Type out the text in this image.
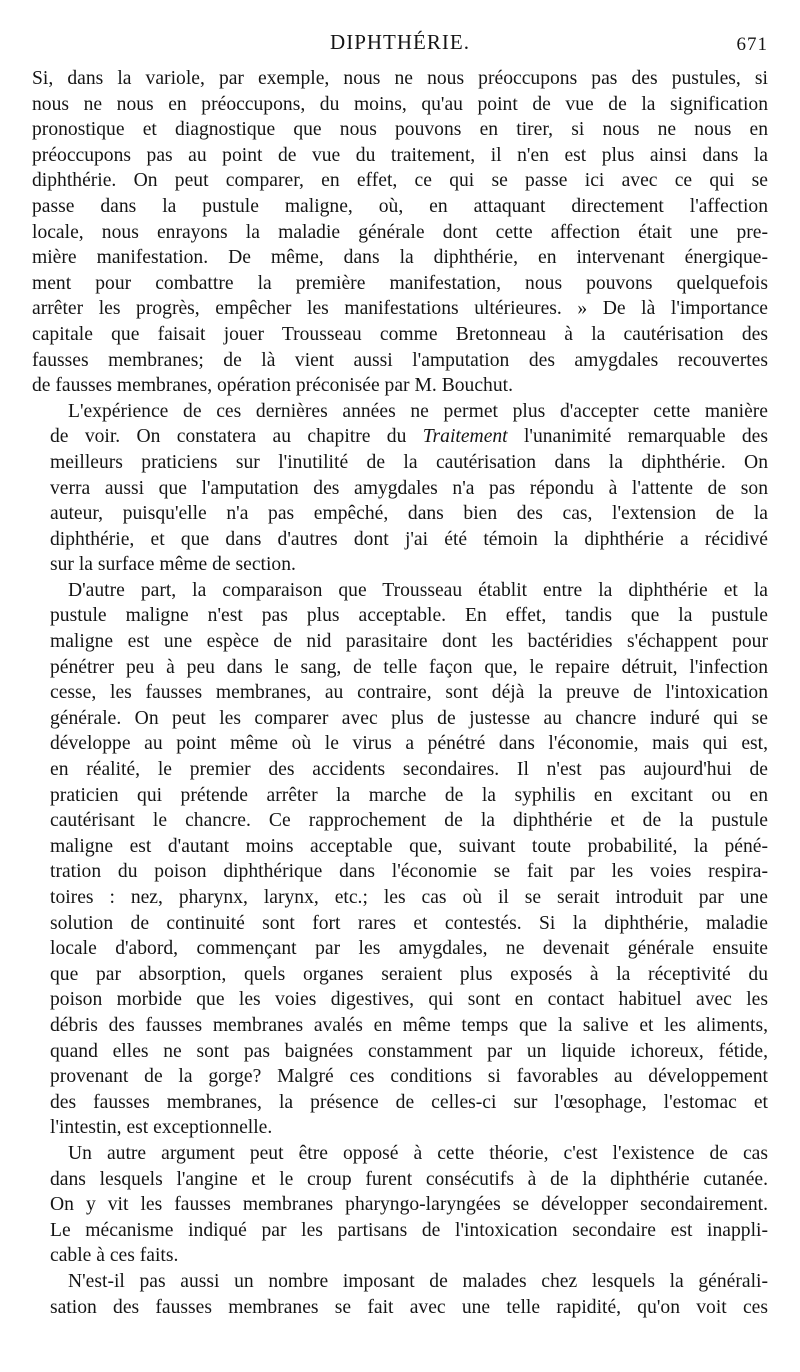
DIPHTHÉRIE.	671

Si, dans la variole, par exemple, nous ne nous préoccupons pas des pustules, si
nous ne nous en préoccupons, du moins, qu'au point de vue de la signification
pronostique et diagnostique que nous pouvons en tirer, si nous ne nous en
préoccupons pas au point de vue du traitement, il n'en est plus ainsi dans la
diphthérie. On peut comparer, en effet, ce qui se passe ici avec ce qui se
passe dans la pustule maligne, où, en attaquant directement l'affection
locale, nous enrayons la maladie générale dont cette affection était une pre-
mière manifestation. De même, dans la diphthérie, en intervenant énergique-
ment pour combattre la première manifestation, nous pouvons quelquefois
arrêter les progrès, empêcher les manifestations ultérieures. » De là l'importance
capitale que faisait jouer Trousseau comme Bretonneau à la cautérisation des
fausses membranes; de là vient aussi l'amputation des amygdales recouvertes
de fausses membranes, opération préconisée par M. Bouchut.

L'expérience de ces dernières années ne permet plus d'accepter cette manière
de voir. On constatera au chapitre du Traitement l'unanimité remarquable des
meilleurs praticiens sur l'inutilité de la cautérisation dans la diphthérie. On
verra aussi que l'amputation des amygdales n'a pas répondu à l'attente de son
auteur, puisqu'elle n'a pas empêché, dans bien des cas, l'extension de la
diphthérie, et que dans d'autres dont j'ai été témoin la diphthérie a récidivé
sur la surface même de section.

D'autre part, la comparaison que Trousseau établit entre la diphthérie et la
pustule maligne n'est pas plus acceptable. En effet, tandis que la pustule
maligne est une espèce de nid parasitaire dont les bactéridies s'échappent pour
pénétrer peu à peu dans le sang, de telle façon que, le repaire détruit, l'infection
cesse, les fausses membranes, au contraire, sont déjà la preuve de l'intoxication
générale. On peut les comparer avec plus de justesse au chancre induré qui se
développe au point même où le virus a pénétré dans l'économie, mais qui est,
en réalité, le premier des accidents secondaires. Il n'est pas aujourd'hui de
praticien qui prétende arrêter la marche de la syphilis en excitant ou en
cautérisant le chancre. Ce rapprochement de la diphthérie et de la pustule
maligne est d'autant moins acceptable que, suivant toute probabilité, la péné-
tration du poison diphthérique dans l'économie se fait par les voies respira-
toires : nez, pharynx, larynx, etc.; les cas où il se serait introduit par une
solution de continuité sont fort rares et contestés. Si la diphthérie, maladie
locale d'abord, commençant par les amygdales, ne devenait générale ensuite
que par absorption, quels organes seraient plus exposés à la réceptivité du
poison morbide que les voies digestives, qui sont en contact habituel avec les
débris des fausses membranes avalés en même temps que la salive et les aliments,
quand elles ne sont pas baignées constamment par un liquide ichoreux, fétide,
provenant de la gorge? Malgré ces conditions si favorables au développement
des fausses membranes, la présence de celles-ci sur l'œsophage, l'estomac et
l'intestin, est exceptionnelle.

Un autre argument peut être opposé à cette théorie, c'est l'existence de cas
dans lesquels l'angine et le croup furent consécutifs à de la diphthérie cutanée.
On y vit les fausses membranes pharyngo-laryngées se développer secondairement.
Le mécanisme indiqué par les partisans de l'intoxication secondaire est inappli-
cable à ces faits.

N'est-il pas aussi un nombre imposant de malades chez lesquels la générali-
sation des fausses membranes se fait avec une telle rapidité, qu'on voit ces
